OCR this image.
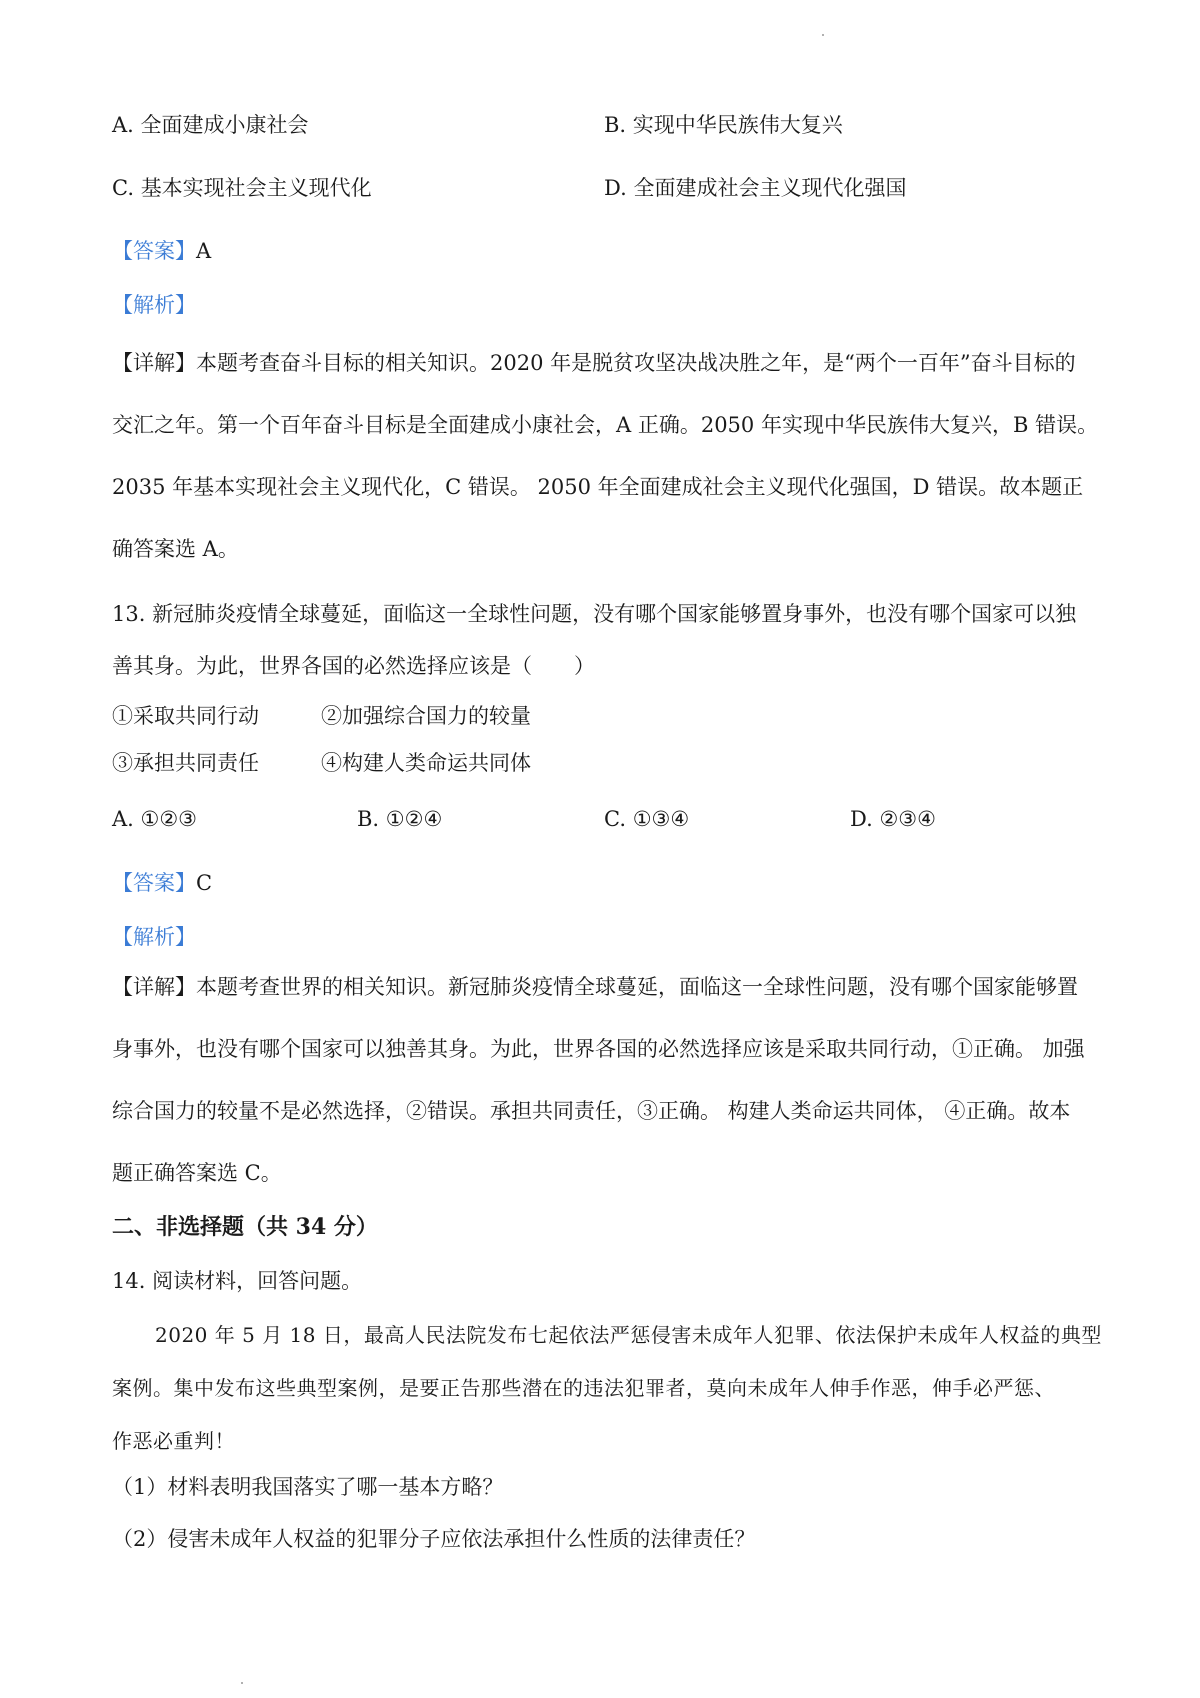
A. 全面建成小康社会	B. 实现中华民族伟大复兴
C. 基本实现社会主义现代化	D. 全面建成社会主义现代化强国
【答案】A
【解析】
【详解】本题考查奋斗目标的相关知识。2020 年是脱贫攻坚决战决胜之年，是“两个一百年”奋斗目标的
交汇之年。第一个百年奋斗目标是全面建成小康社会，A 正确。2050 年实现中华民族伟大复兴，B 错误。
2035 年基本实现社会主义现代化，C 错误。 2050 年全面建成社会主义现代化强国，D 错误。故本题正
确答案选 A。
13. 新冠肺炎疫情全球蔓延，面临这一全球性问题，没有哪个国家能够置身事外，也没有哪个国家可以独
善其身。为此，世界各国的必然选择应该是（　　）
①采取共同行动	②加强综合国力的较量
③承担共同责任	④构建人类命运共同体
A. ①②③	B. ①②④	C. ①③④	D. ②③④
【答案】C
【解析】
【详解】本题考查世界的相关知识。新冠肺炎疫情全球蔓延，面临这一全球性问题，没有哪个国家能够置
身事外，也没有哪个国家可以独善其身。为此，世界各国的必然选择应该是采取共同行动，①正确。 加强
综合国力的较量不是必然选择，②错误。承担共同责任，③正确。 构建人类命运共同体， ④正确。故本
题正确答案选 C。
二、非选择题（共 34 分）
14. 阅读材料，回答问题。
2020 年 5 月 18 日，最高人民法院发布七起依法严惩侵害未成年人犯罪、依法保护未成年人权益的典型
案例。集中发布这些典型案例，是要正告那些潜在的违法犯罪者，莫向未成年人伸手作恶，伸手必严惩、
作恶必重判！
（1）材料表明我国落实了哪一基本方略？
（2）侵害未成年人权益的犯罪分子应依法承担什么性质的法律责任？
